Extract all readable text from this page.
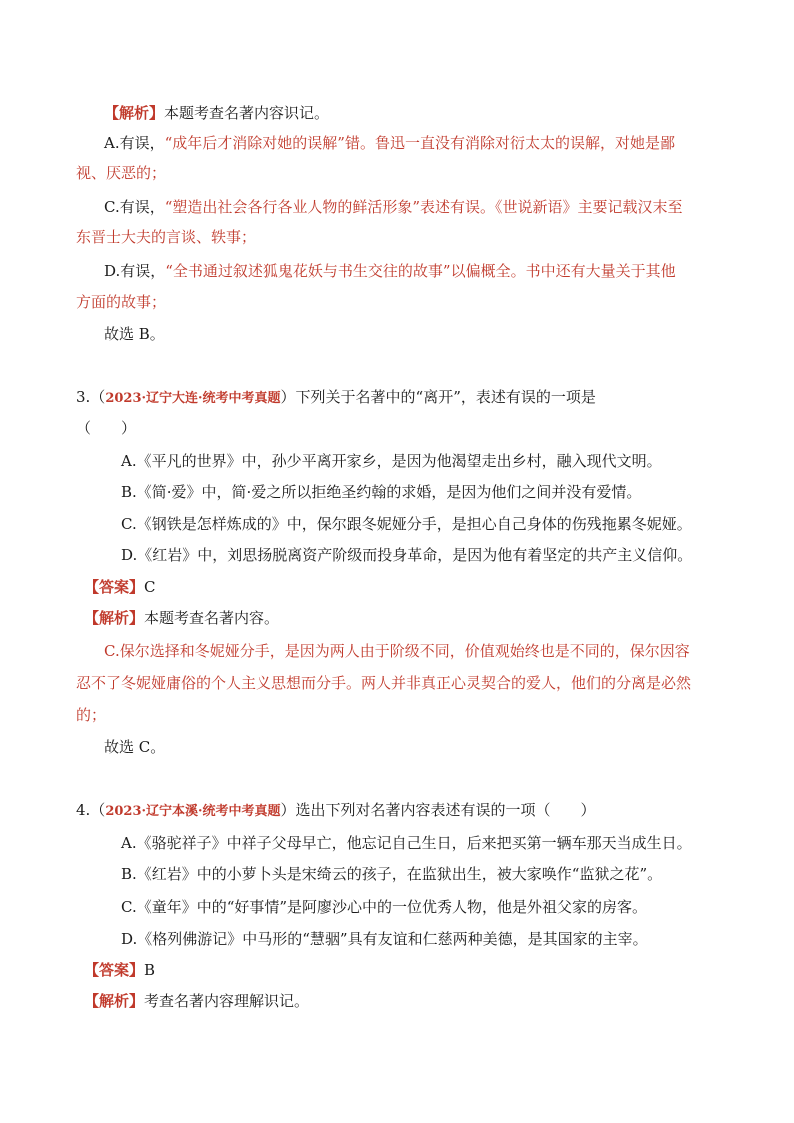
【解析】本题考查名著内容识记。
A.有误，“成年后才消除对她的误解”错。鲁迅一直没有消除对衍太太的误解，对她是鄙
视、厌恶的；
C.有误，“塑造出社会各行各业人物的鲜活形象”表述有误。《世说新语》主要记载汉末至
东晋士大夫的言谈、轶事；
D.有误，“全书通过叙述狐鬼花妖与书生交往的故事”以偏概全。书中还有大量关于其他
方面的故事；
故选 B。
3.（2023·辽宁大连·统考中考真题）下列关于名著中的“离开”，表述有误的一项是
（　　）
A.《平凡的世界》中，孙少平离开家乡，是因为他渴望走出乡村，融入现代文明。
B.《简·爱》中，简·爱之所以拒绝圣约翰的求婚，是因为他们之间并没有爱情。
C.《钢铁是怎样炼成的》中，保尔跟冬妮娅分手，是担心自己身体的伤残拖累冬妮娅。
D.《红岩》中，刘思扬脱离资产阶级而投身革命，是因为他有着坚定的共产主义信仰。
【答案】C
【解析】本题考查名著内容。
C.保尔选择和冬妮娅分手，是因为两人由于阶级不同，价值观始终也是不同的，保尔因容
忍不了冬妮娅庸俗的个人主义思想而分手。两人并非真正心灵契合的爱人，他们的分离是必然
的；
故选 C。
4.（2023·辽宁本溪·统考中考真题）选出下列对名著内容表述有误的一项（　　）
A.《骆驼祥子》中祥子父母早亡，他忘记自己生日，后来把买第一辆车那天当成生日。
B.《红岩》中的小萝卜头是宋绮云的孩子，在监狱出生，被大家唤作“监狱之花”。
C.《童年》中的“好事情”是阿廖沙心中的一位优秀人物，他是外祖父家的房客。
D.《格列佛游记》中马形的“慧骃”具有友谊和仁慈两种美德，是其国家的主宰。
【答案】B
【解析】考查名著内容理解识记。
